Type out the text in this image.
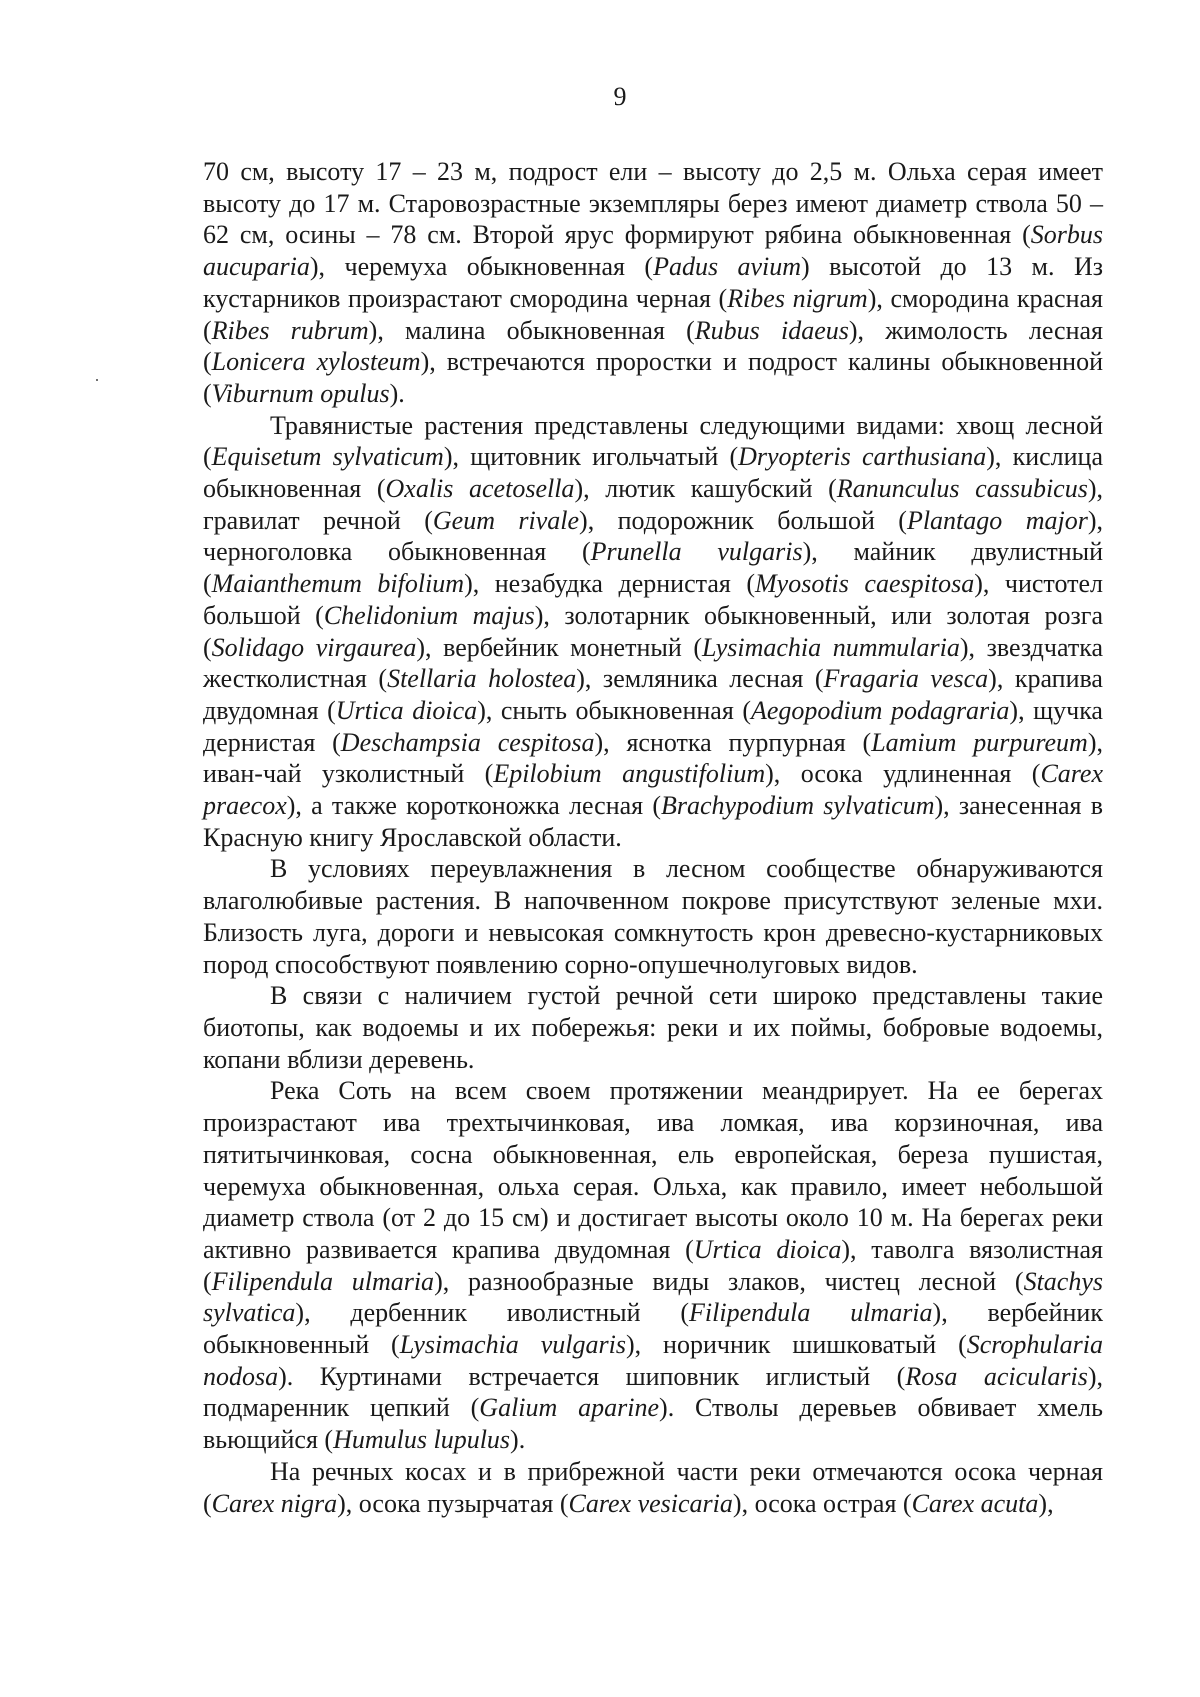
9

70 см, высоту 17 – 23 м, подрост ели – высоту до 2,5 м. Ольха серая имеет высоту до 17 м. Старовозрастные экземпляры берез имеют диаметр ствола 50 – 62 см, осины – 78 см. Второй ярус формируют рябина обыкновенная (Sorbus aucuparia), черемуха обыкновенная (Padus avium) высотой до 13 м. Из кустарников произрастают смородина черная (Ribes nigrum), смородина красная (Ribes rubrum), малина обыкновенная (Rubus idaeus), жимолость лесная (Lonicera xylosteum), встречаются проростки и подрост калины обыкновенной (Viburnum opulus).

Травянистые растения представлены следующими видами: хвощ лесной (Equisetum sylvaticum), щитовник игольчатый (Dryopteris carthusiana), кислица обыкновенная (Oxalis acetosella), лютик кашубский (Ranunculus cassubicus), гравилат речной (Geum rivale), подорожник большой (Plantago major), черноголовка обыкновенная (Prunella vulgaris), майник двулистный (Maianthemum bifolium), незабудка дернистая (Myosotis caespitosa), чистотел большой (Chelidonium majus), золотарник обыкновенный, или золотая розга (Solidago virgaurea), вербейник монетный (Lysimachia nummularia), звездчатка жестколистная (Stellaria holostea), земляника лесная (Fragaria vesca), крапива двудомная (Urtica dioica), сныть обыкновенная (Aegopodium podagraria), щучка дернистая (Deschampsia cespitosa), яснотка пурпурная (Lamium purpureum), иван-чай узколистный (Epilobium angustifolium), осока удлиненная (Carex praecox), а также коротконожка лесная (Brachypodium sylvaticum), занесенная в Красную книгу Ярославской области.

В условиях переувлажнения в лесном сообществе обнаруживаются влаголюбивые растения. В напочвенном покрове присутствуют зеленые мхи. Близость луга, дороги и невысокая сомкнутость крон древесно-кустарниковых пород способствуют появлению сорно-опушечнолуговых видов.

В связи с наличием густой речной сети широко представлены такие биотопы, как водоемы и их побережья: реки и их поймы, бобровые водоемы, копани вблизи деревень.

Река Соть на всем своем протяжении меандрирует. На ее берегах произрастают ива трехтычинковая, ива ломкая, ива корзиночная, ива пятитычинковая, сосна обыкновенная, ель европейская, береза пушистая, черемуха обыкновенная, ольха серая. Ольха, как правило, имеет небольшой диаметр ствола (от 2 до 15 см) и достигает высоты около 10 м. На берегах реки активно развивается крапива двудомная (Urtica dioica), таволга вязолистная (Filipendula ulmaria), разнообразные виды злаков, чистец лесной (Stachys sylvatica), дербенник иволистный (Filipendula ulmaria), вербейник обыкновенный (Lysimachia vulgaris), норичник шишковатый (Scrophularia nodosa). Куртинами встречается шиповник иглистый (Rosa acicularis), подмаренник цепкий (Galium aparine). Стволы деревьев обвивает хмель вьющийся (Humulus lupulus).

На речных косах и в прибрежной части реки отмечаются осока черная (Carex nigra), осока пузырчатая (Carex vesicaria), осока острая (Carex acuta),
